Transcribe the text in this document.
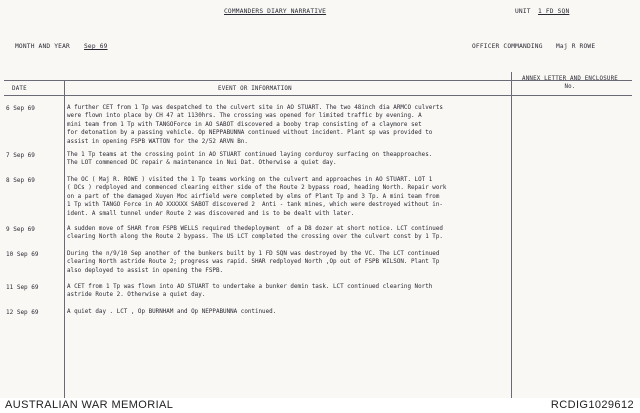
COMMANDERS DIARY NARRATIVE	UNIT 1 FD SQN
MONTH AND YEAR Sep 69	OFFICER COMMANDING Maj R ROWE
DATE	EVENT OR INFORMATION
ANNEX LETTER AND ENCLOSURE No.
6 Sep 69	A further CET from 1 Tp was despatched to the culvert site in AO STUART. The two 48inch dia ARMCO culverts
were flown into place by CH 47 at 1130hrs. The crossing was opened for limited traffic by evening. A
mini team from 1 Tp with TANGOForce in AO SABOT discovered a booby trap consisting of a claymore set
for detonation by a passing vehicle. Op NEPPABUNNA continued without incident. Plant sp was provided to
assist in opening FSPB WATTON for the 2/52 ARVN Bn.
7 Sep 69	The 1 Tp teams at the crossing point in AO STUART continued laying corduroy surfacing on theapproaches.
The LOT commenced DC repair & maintenance in Nui Dat. Otherwise a quiet day.
8 Sep 69	The OC ( Maj R. ROWE ) visited the 1 Tp teams working on the culvert and approaches in AO STUART. LOT 1
( DCs ) redployed and commenced clearing either side of the Route 2 bypass road, heading North. Repair work
on a part of the damaged Xuyen Moc airfield were completed by elms of Plant Tp and 3 Tp. A mini team from
1 Tp with TANGO Force in AO XXXXXX SABOT discovered 2  Anti - tank mines, which were destroyed without in-
ident. A small tunnel under Route 2 was discovered and is to be dealt with later.
9 Sep 69	A sudden move of SHAR from FSPB WELLS required thedeployment  of a D8 dozer at short notice. LCT continued
clearing North along the Route 2 bypass. The US LCT completed the crossing over the culvert const by 1 Tp.
10 Sep 69	During the n/9/10 Sep another of the bunkers built by 1 FD SQN was destroyed by the VC. The LCT continued
clearing North astride Route 2; progress was rapid. SHAR redployed North ,Op out of FSPB WILSON. Plant Tp
also deployed to assist in opening the FSPB.
11 Sep 69	A CET from 1 Tp was flown into AO STUART to undertake a bunker demin task. LCT continued clearing North
astride Route 2. Otherwise a quiet day.
12 Sep 69	A quiet day . LCT , Op BURNHAM and Op NEPPABUNNA continued.
AUSTRALIAN WAR MEMORIAL	RCDIG1029612
